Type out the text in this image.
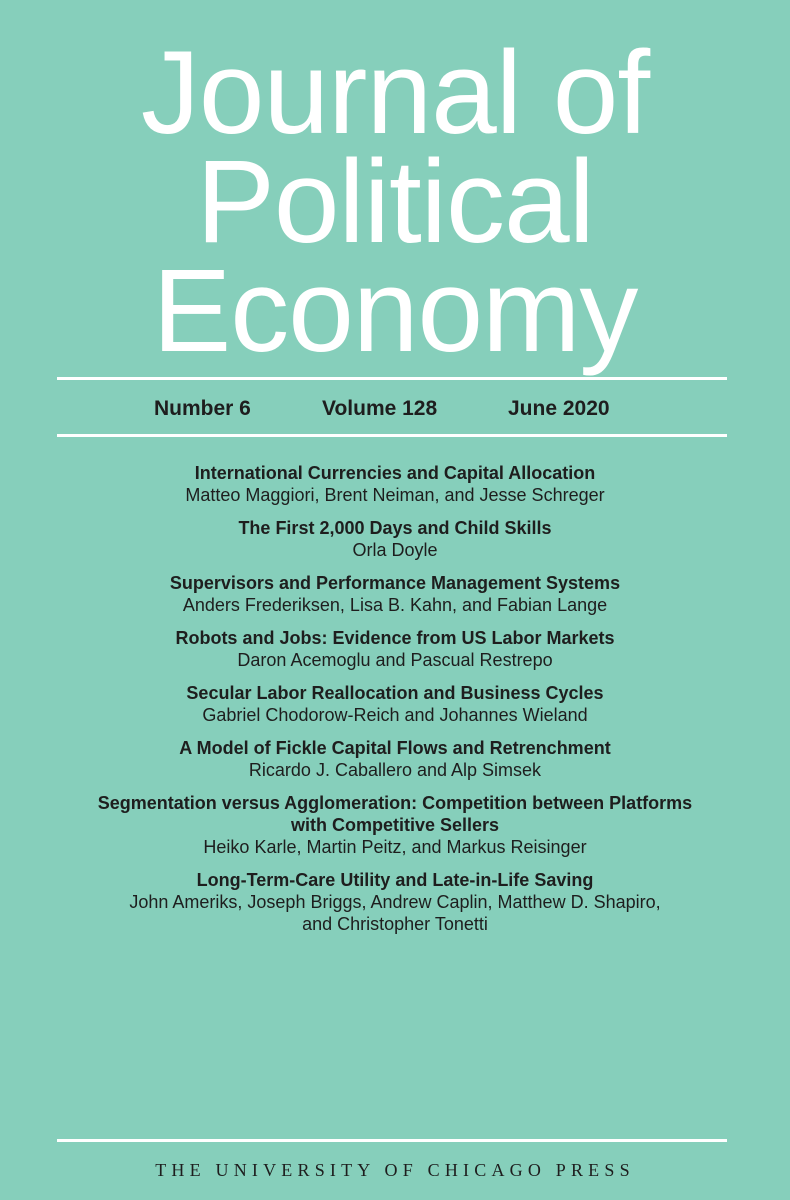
Journal of
Political
Economy
Number 6	Volume 128	June 2020
International Currencies and Capital Allocation
Matteo Maggiori, Brent Neiman, and Jesse Schreger
The First 2,000 Days and Child Skills
Orla Doyle
Supervisors and Performance Management Systems
Anders Frederiksen, Lisa B. Kahn, and Fabian Lange
Robots and Jobs: Evidence from US Labor Markets
Daron Acemoglu and Pascual Restrepo
Secular Labor Reallocation and Business Cycles
Gabriel Chodorow-Reich and Johannes Wieland
A Model of Fickle Capital Flows and Retrenchment
Ricardo J. Caballero and Alp Simsek
Segmentation versus Agglomeration: Competition between Platforms
with Competitive Sellers
Heiko Karle, Martin Peitz, and Markus Reisinger
Long-Term-Care Utility and Late-in-Life Saving
John Ameriks, Joseph Briggs, Andrew Caplin, Matthew D. Shapiro,
and Christopher Tonetti
THE UNIVERSITY OF CHICAGO PRESS
